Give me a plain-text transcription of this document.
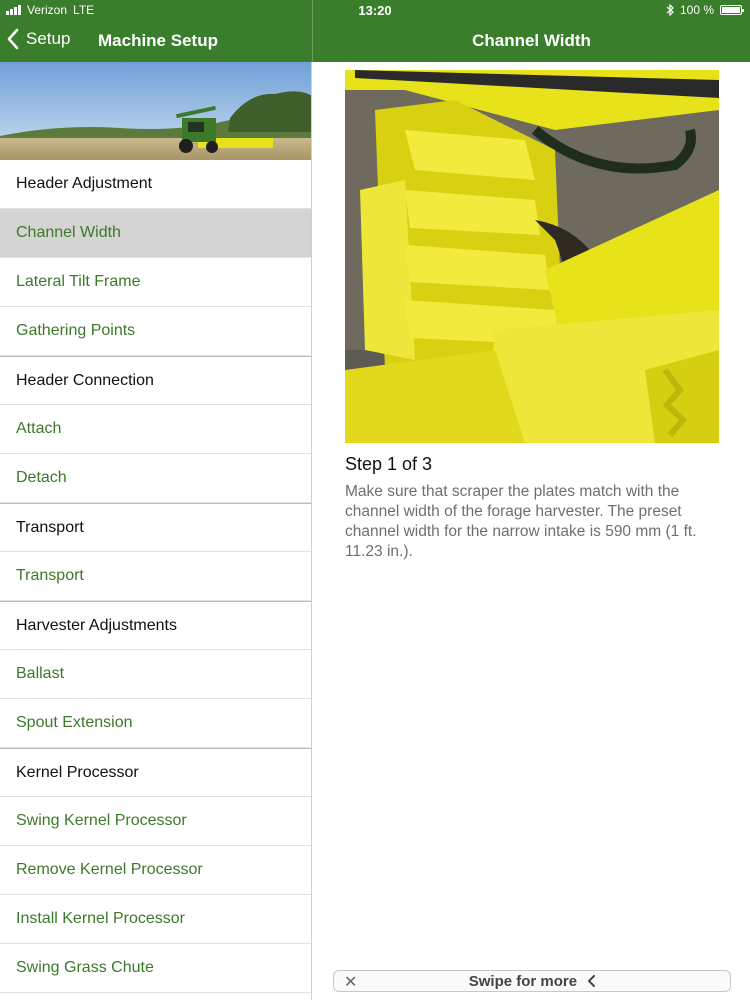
Verizon LTE	13:20	100 %
Setup Machine Setup	Channel Width
Header Adjustment
Channel Width
Lateral Tilt Frame
Gathering Points
Header Connection
Attach
Detach
Transport
Transport
Harvester Adjustments
Ballast
Spout Extension
Kernel Processor
Swing Kernel Processor
Remove Kernel Processor
Install Kernel Processor
Swing Grass Chute
Step 1 of 3
Make sure that scraper the plates match with the channel width of the forage harvester. The preset channel width for the narrow intake is 590 mm (1 ft. 11.23 in.).
✕	Swipe for more
